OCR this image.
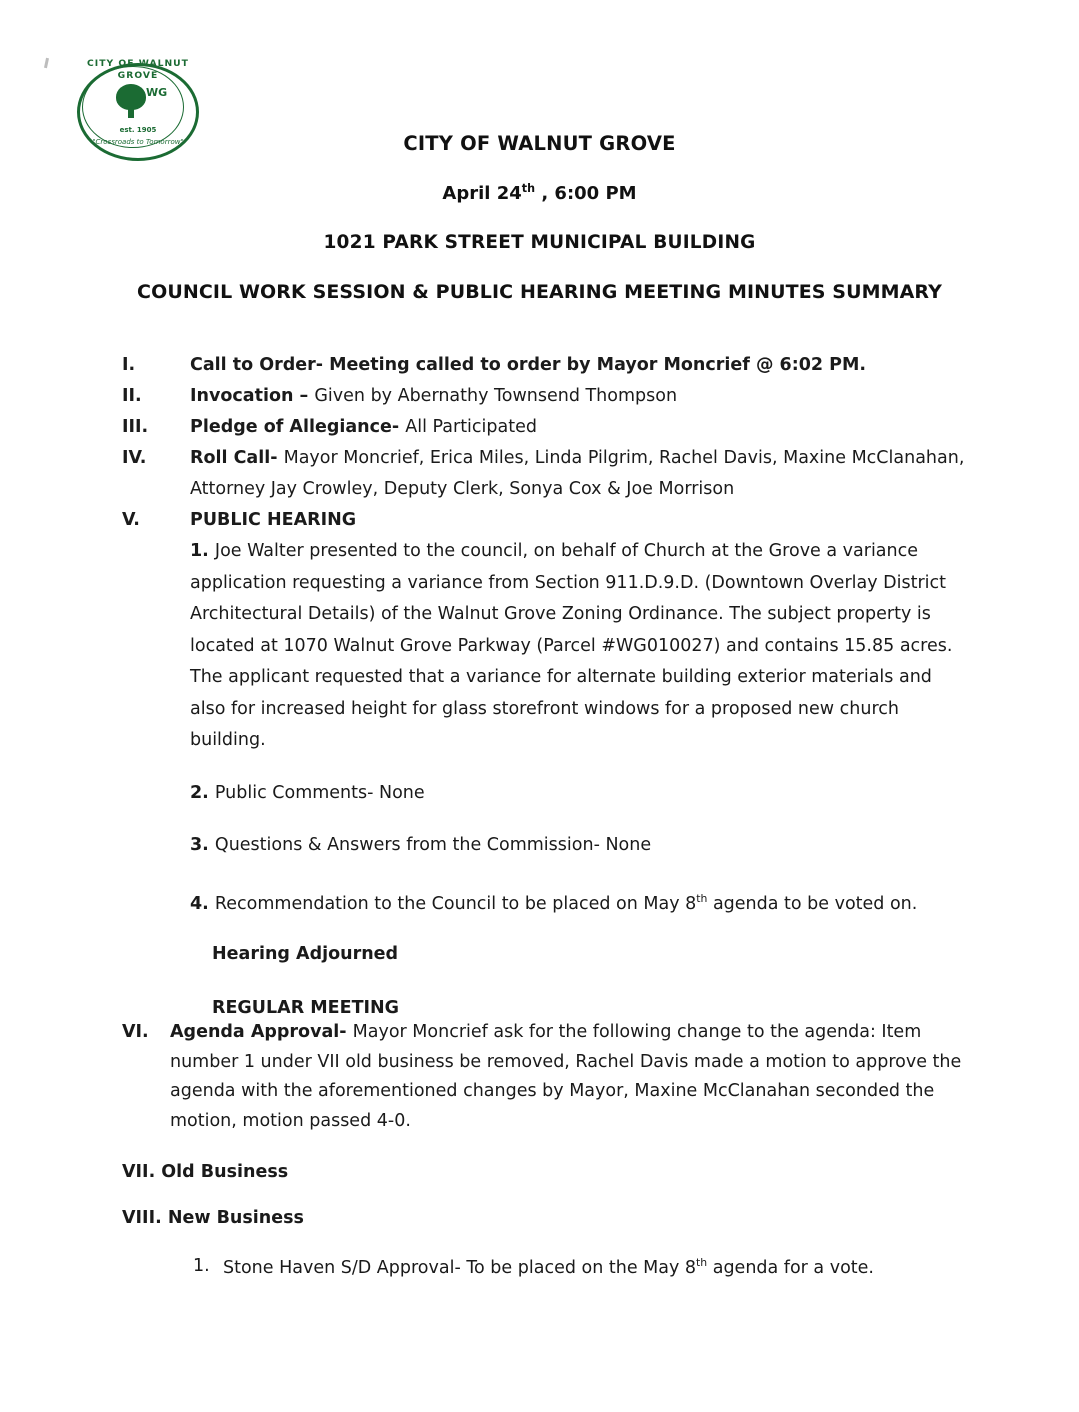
CITY OF WALNUT GROVE
WG
est. 1905
"Crossroads to Tomorrow"	CITY OF WALNUT GROVE
April 24th , 6:00 PM
1021 PARK STREET MUNICIPAL BUILDING
COUNCIL WORK SESSION & PUBLIC HEARING MEETING MINUTES SUMMARY
I.	Call to Order- Meeting called to order by Mayor Moncrief @ 6:02 PM.
II.	Invocation – Given by Abernathy Townsend Thompson
III.	Pledge of Allegiance- All Participated
IV.	Roll Call- Mayor Moncrief, Erica Miles, Linda Pilgrim, Rachel Davis, Maxine McClanahan, Attorney Jay Crowley, Deputy Clerk, Sonya Cox & Joe Morrison
V.	PUBLIC HEARING

1. Joe Walter presented to the council, on behalf of Church at the Grove a variance application requesting a variance from Section 911.D.9.D. (Downtown Overlay District Architectural Details) of the Walnut Grove Zoning Ordinance. The subject property is located at 1070 Walnut Grove Parkway (Parcel #WG010027) and contains 15.85 acres. The applicant requested that a variance for alternate building exterior materials and also for increased height for glass storefront windows for a proposed new church building.

2. Public Comments- None

3. Questions & Answers from the Commission- None

4. Recommendation to the Council to be placed on May 8th agenda to be voted on.

Hearing Adjourned
REGULAR MEETING
VI.	Agenda Approval- Mayor Moncrief ask for the following change to the agenda: Item number 1 under VII old business be removed, Rachel Davis made a motion to approve the agenda with the aforementioned changes by Mayor, Maxine McClanahan seconded the motion, motion passed 4-0.
VII. Old Business
VIII. New Business
1. Stone Haven S/D Approval- To be placed on the May 8th agenda for a vote.
